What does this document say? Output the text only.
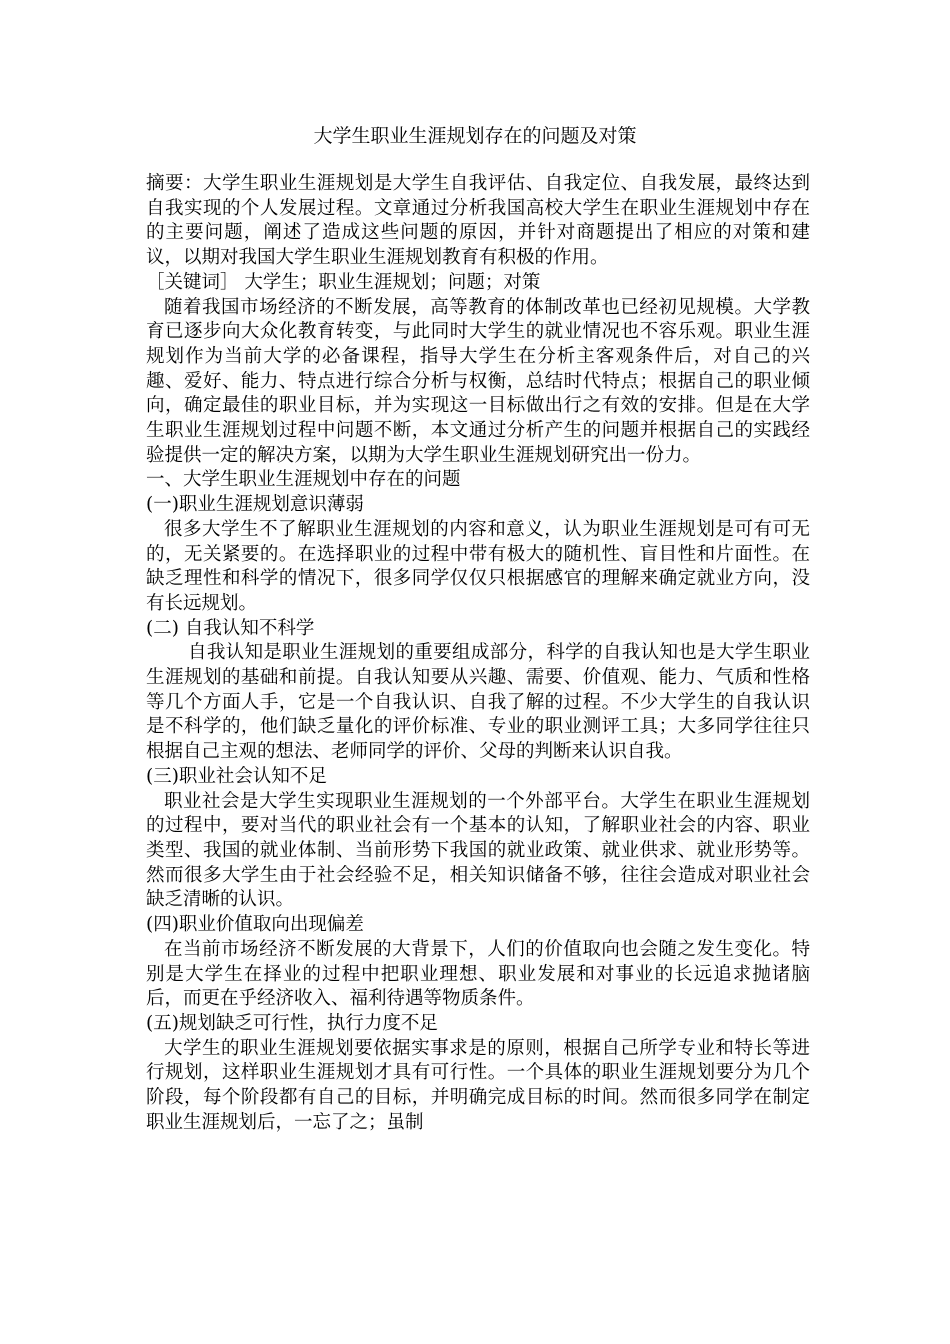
大学生职业生涯规划存在的问题及对策

摘要：大学生职业生涯规划是大学生自我评估、自我定位、自我发展，最终达到自我实现的个人发展过程。文章通过分析我国高校大学生在职业生涯规划中存在的主要问题，阐述了造成这些问题的原因，并针对商题提出了相应的对策和建议，以期对我国大学生职业生涯规划教育有积极的作用。

［关键词］ 大学生；职业生涯规划；问题；对策

随着我国市场经济的不断发展，高等教育的体制改革也已经初见规模。大学教育已逐步向大众化教育转变，与此同时大学生的就业情况也不容乐观。职业生涯规划作为当前大学的必备课程，指导大学生在分析主客观条件后，对自己的兴趣、爱好、能力、特点进行综合分析与权衡，总结时代特点；根据自己的职业倾向，确定最佳的职业目标，并为实现这一目标做出行之有效的安排。但是在大学生职业生涯规划过程中问题不断，本文通过分析产生的问题并根据自己的实践经验提供一定的解决方案，以期为大学生职业生涯规划研究出一份力。

一、大学生职业生涯规划中存在的问题

(一)职业生涯规划意识薄弱

很多大学生不了解职业生涯规划的内容和意义，认为职业生涯规划是可有可无的，无关紧要的。在选择职业的过程中带有极大的随机性、盲目性和片面性。在缺乏理性和科学的情况下，很多同学仅仅只根据感官的理解来确定就业方向，没有长远规划。

(二) 自我认知不科学

自我认知是职业生涯规划的重要组成部分，科学的自我认知也是大学生职业生涯规划的基础和前提。自我认知要从兴趣、需要、价值观、能力、气质和性格等几个方面人手，它是一个自我认识、自我了解的过程。不少大学生的自我认识是不科学的，他们缺乏量化的评价标准、专业的职业测评工具；大多同学往往只根据自己主观的想法、老师同学的评价、父母的判断来认识自我。

(三)职业社会认知不足

职业社会是大学生实现职业生涯规划的一个外部平台。大学生在职业生涯规划的过程中，要对当代的职业社会有一个基本的认知，了解职业社会的内容、职业类型、我国的就业体制、当前形势下我国的就业政策、就业供求、就业形势等。然而很多大学生由于社会经验不足，相关知识储备不够，往往会造成对职业社会缺乏清晰的认识。

(四)职业价值取向出现偏差

在当前市场经济不断发展的大背景下，人们的价值取向也会随之发生变化。特别是大学生在择业的过程中把职业理想、职业发展和对事业的长远追求抛诸脑后，而更在乎经济收入、福利待遇等物质条件。

(五)规划缺乏可行性，执行力度不足

大学生的职业生涯规划要依据实事求是的原则，根据自己所学专业和特长等进行规划，这样职业生涯规划才具有可行性。一个具体的职业生涯规划要分为几个阶段，每个阶段都有自己的目标，并明确完成目标的时间。然而很多同学在制定职业生涯规划后，一忘了之；虽制
